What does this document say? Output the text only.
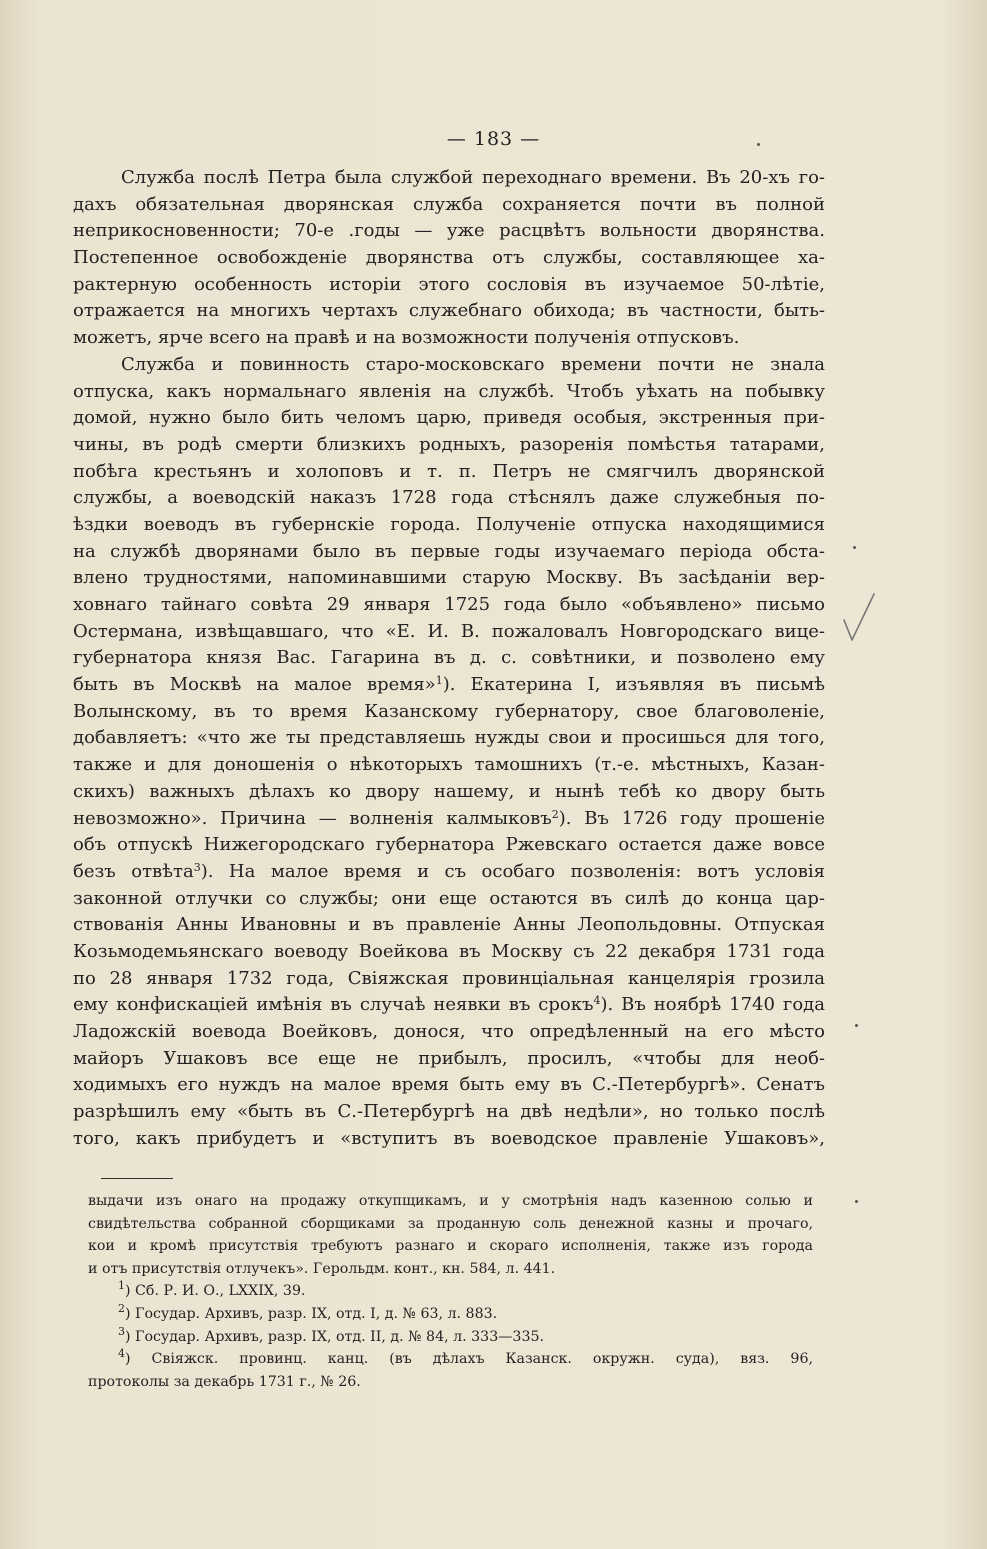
— 183 —
Служба послѣ Петра была службой переходнаго времени. Въ 20-хъ го-
дахъ обязательная дворянская служба сохраняется почти въ полной
неприкосновенности; 70-е .годы — уже расцвѣтъ вольности дворянства.
Постепенное освобожденіе дворянства отъ службы, составляющее ха-
рактерную особенность исторіи этого сословія въ изучаемое 50-лѣтіе,
отражается на многихъ чертахъ служебнаго обихода; въ частности, быть-
можетъ, ярче всего на правѣ и на возможности полученія отпусковъ.
Служба и повинность старо-московскаго времени почти не знала
отпуска, какъ нормальнаго явленія на службѣ. Чтобъ уѣхать на побывку
домой, нужно было бить челомъ царю, приведя особыя, экстренныя при-
чины, въ родѣ смерти близкихъ родныхъ, разоренія помѣстья татарами,
побѣга крестьянъ и холоповъ и т. п. Петръ не смягчилъ дворянской
службы, а воеводскій наказъ 1728 года стѣснялъ даже служебныя по-
ѣздки воеводъ въ губернскіе города. Полученіе отпуска находящимися
на службѣ дворянами было въ первые годы изучаемаго періода обста-
влено трудностями, напоминавшими старую Москву. Въ засѣданіи вер-
ховнаго тайнаго совѣта 29 января 1725 года было «объявлено» письмо
Остермана, извѣщавшаго, что «Е. И. В. пожаловалъ Новгородскаго вице-
губернатора князя Вас. Гагарина въ д. с. совѣтники, и позволено ему
быть въ Москвѣ на малое время»$^1$). Екатерина I, изъявляя въ письмѣ
Волынскому, въ то время Казанскому губернатору, свое благоволеніе,
добавляетъ: «что же ты представляешь нужды свои и просишься для того,
также и для доношенія о нѣкоторыхъ тамошнихъ (т.-е. мѣстныхъ, Казан-
скихъ) важныхъ дѣлахъ ко двору нашему, и нынѣ тебѣ ко двору быть
невозможно». Причина — волненія калмыковъ$^2$). Въ 1726 году прошеніе
объ отпускѣ Нижегородскаго губернатора Ржевскаго остается даже вовсе
безъ отвѣта$^3$). На малое время и съ особаго позволенія: вотъ условія
законной отлучки со службы; они еще остаются въ силѣ до конца цар-
ствованія Анны Ивановны и въ правленіе Анны Леопольдовны. Отпуская
Козьмодемьянскаго воеводу Воейкова въ Москву съ 22 декабря 1731 года
по 28 января 1732 года, Свіяжская провинціальная канцелярія грозила
ему конфискаціей имѣнія въ случаѣ неявки въ срокъ$^4$). Въ ноябрѣ 1740 года
Ладожскій воевода Воейковъ, донося, что опредѣленный на его мѣсто
майоръ Ушаковъ все еще не прибылъ, просилъ, «чтобы для необ-
ходимыхъ его нуждъ на малое время быть ему въ С.-Петербургѣ». Сенатъ
разрѣшилъ ему «быть въ С.-Петербургѣ на двѣ недѣли», но только послѣ
того, какъ прибудетъ и «вступитъ въ воеводское правленіе Ушаковъ»,
выдачи изъ онаго на продажу откупщикамъ, и у смотрѣнія надъ казенною солью и
свидѣтельства собранной сборщиками за проданную соль денежной казны и прочаго,
кои и кромѣ присутствія требуютъ разнаго и скораго исполненія, также изъ города
и отъ присутствія отлучекъ». Герольдм. конт., кн. 584, л. 441.
$^1$) Сб. Р. И. О., LXXIX, 39.
$^2$) Государ. Архивъ, разр. IX, отд. I, д. № 63, л. 883.
$^3$) Государ. Архивъ, разр. IX, отд. II, д. № 84, л. 333—335.
$^4$) Свіяжск. провинц. канц. (въ дѣлахъ Казанск. окружн. суда), вяз. 96,
протоколы за декабрь 1731 г., № 26.
